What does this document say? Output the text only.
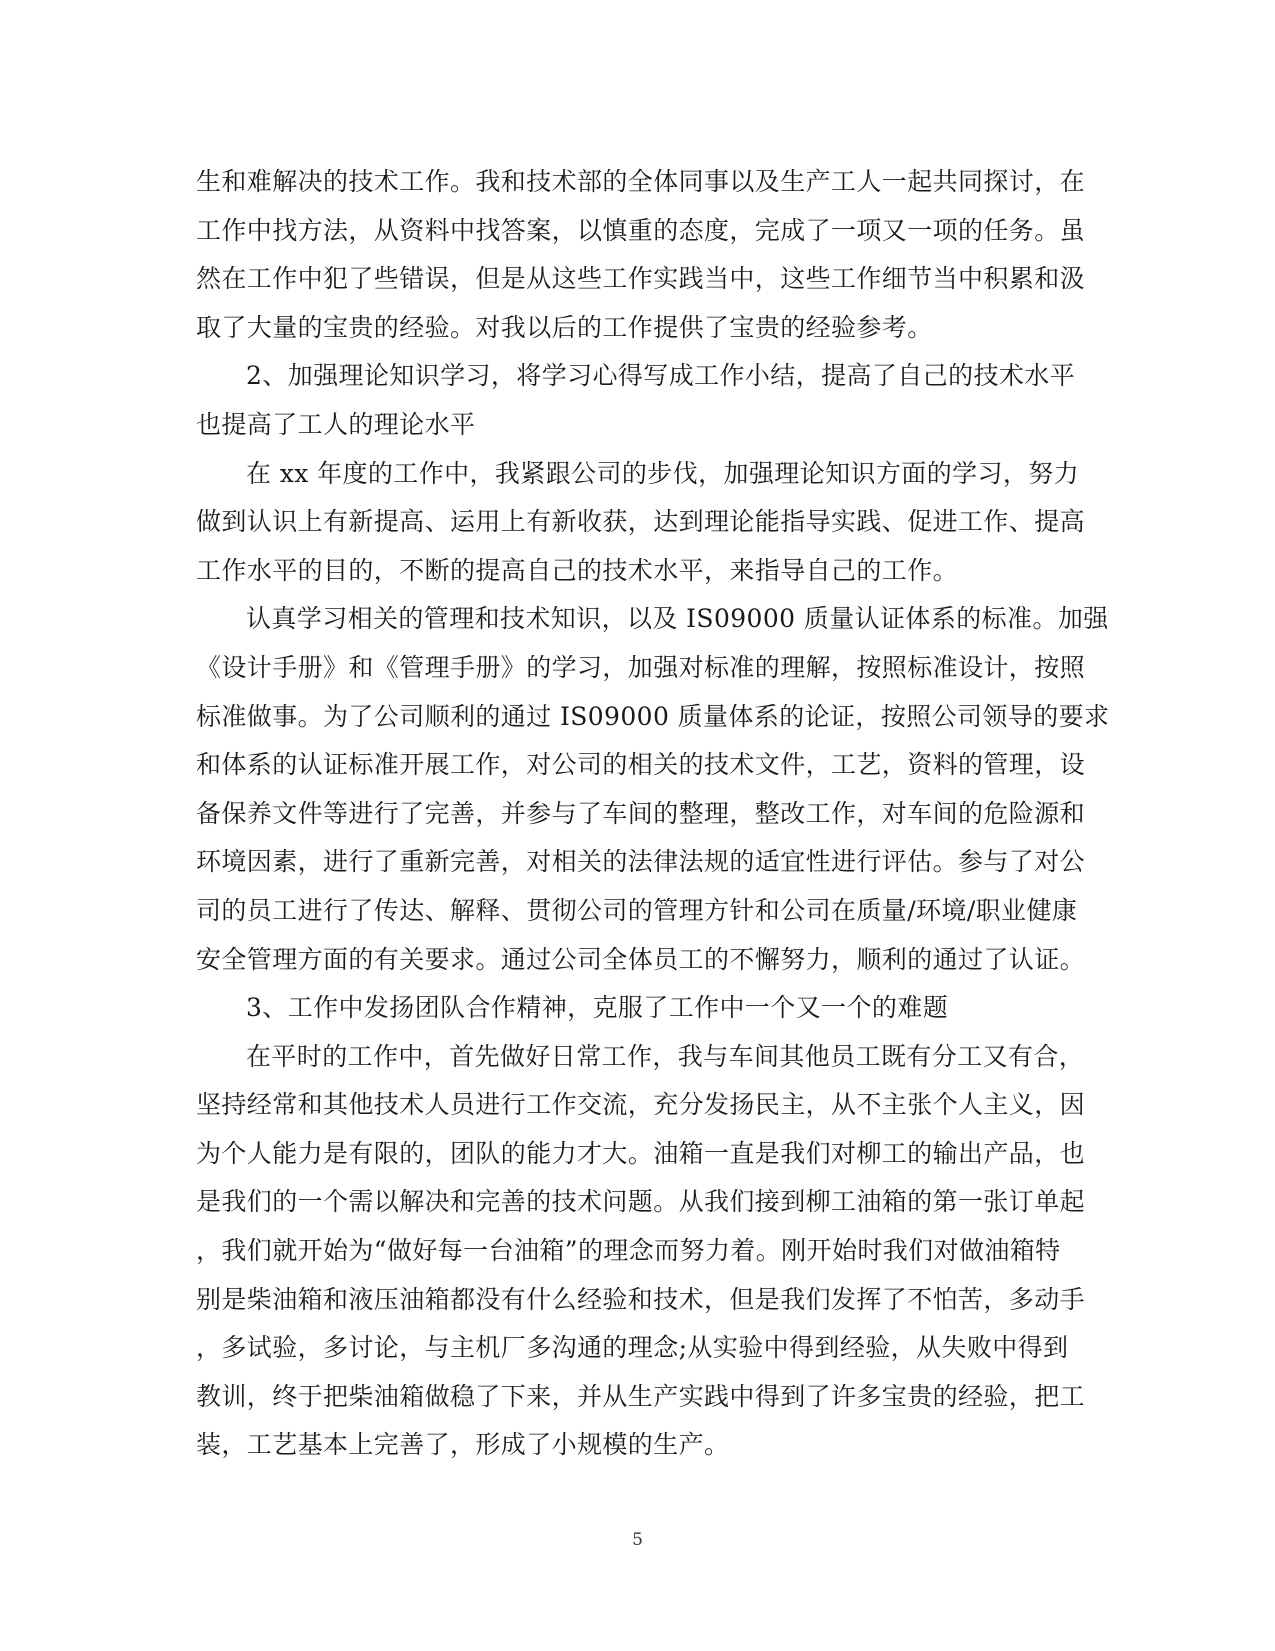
生和难解决的技术工作。我和技术部的全体同事以及生产工人一起共同探讨，在
工作中找方法，从资料中找答案，以慎重的态度，完成了一项又一项的任务。虽
然在工作中犯了些错误，但是从这些工作实践当中，这些工作细节当中积累和汲
取了大量的宝贵的经验。对我以后的工作提供了宝贵的经验参考。
2、加强理论知识学习，将学习心得写成工作小结，提高了自己的技术水平
也提高了工人的理论水平
在 xx 年度的工作中，我紧跟公司的步伐，加强理论知识方面的学习，努力
做到认识上有新提高、运用上有新收获，达到理论能指导实践、促进工作、提高
工作水平的目的，不断的提高自己的技术水平，来指导自己的工作。
认真学习相关的管理和技术知识，以及 IS09000 质量认证体系的标准。加强
《设计手册》和《管理手册》的学习，加强对标准的理解，按照标准设计，按照
标准做事。为了公司顺利的通过 IS09000 质量体系的论证，按照公司领导的要求
和体系的认证标准开展工作，对公司的相关的技术文件，工艺，资料的管理，设
备保养文件等进行了完善，并参与了车间的整理，整改工作，对车间的危险源和
环境因素，进行了重新完善，对相关的法律法规的适宜性进行评估。参与了对公
司的员工进行了传达、解释、贯彻公司的管理方针和公司在质量/环境/职业健康
安全管理方面的有关要求。通过公司全体员工的不懈努力，顺利的通过了认证。
3、工作中发扬团队合作精神，克服了工作中一个又一个的难题
在平时的工作中，首先做好日常工作，我与车间其他员工既有分工又有合，
坚持经常和其他技术人员进行工作交流，充分发扬民主，从不主张个人主义，因
为个人能力是有限的，团队的能力才大。油箱一直是我们对柳工的输出产品，也
是我们的一个需以解决和完善的技术问题。从我们接到柳工油箱的第一张订单起
，我们就开始为“做好每一台油箱”的理念而努力着。刚开始时我们对做油箱特
别是柴油箱和液压油箱都没有什么经验和技术，但是我们发挥了不怕苦，多动手
，多试验，多讨论，与主机厂多沟通的理念;从实验中得到经验，从失败中得到
教训，终于把柴油箱做稳了下来，并从生产实践中得到了许多宝贵的经验，把工
装，工艺基本上完善了，形成了小规模的生产。
5
